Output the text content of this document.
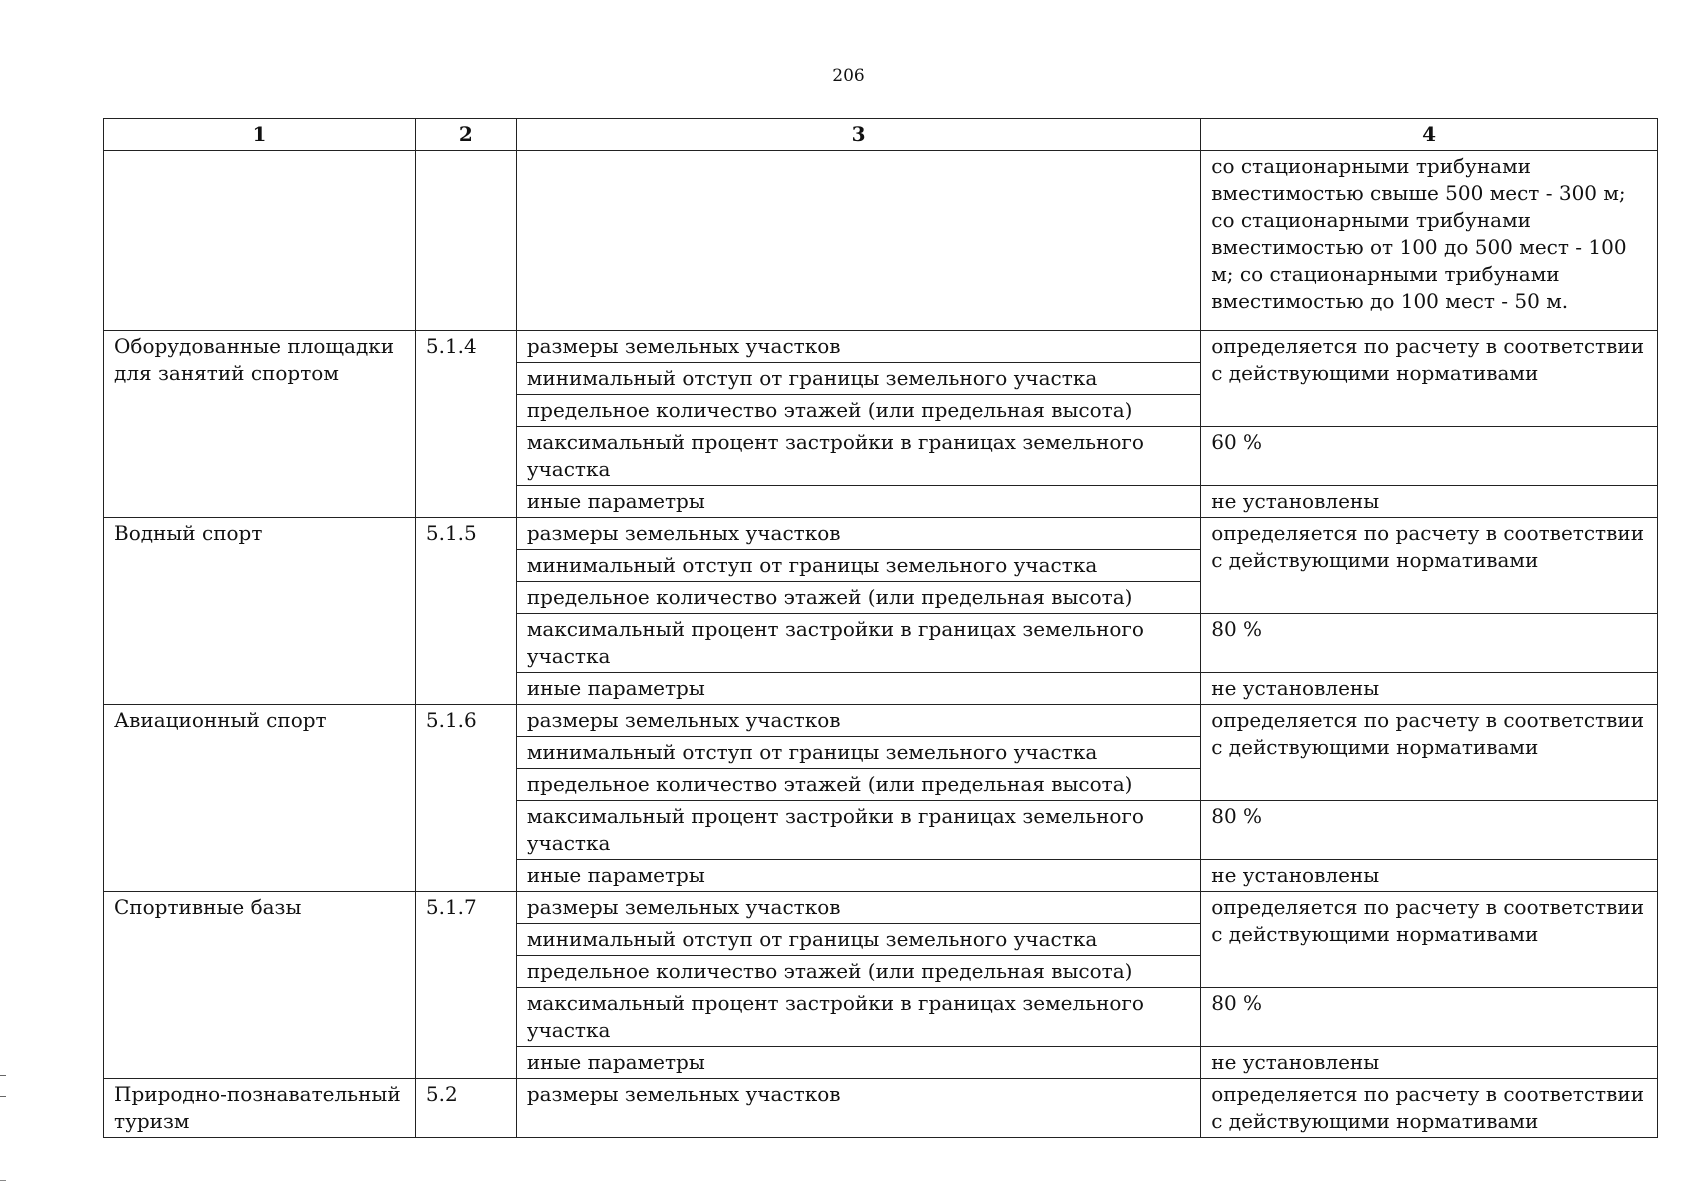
206
1	2	3	4
			со стационарными трибунами вместимостью свыше 500 мест - 300 м; со стационарными трибунами вместимостью от 100 до 500 мест - 100 м; со стационарными трибунами вместимостью до 100 мест - 50 м.
Оборудованные площадки для занятий спортом	5.1.4	размеры земельных участков	определяется по расчету в соответствии с действующими нормативами
		минимальный отступ от границы земельного участка	
		предельное количество этажей (или предельная высота)	
		максимальный процент застройки в границах земельного участка	60 %
		иные параметры	не установлены
Водный спорт	5.1.5	размеры земельных участков	определяется по расчету в соответствии с действующими нормативами
		минимальный отступ от границы земельного участка	
		предельное количество этажей (или предельная высота)	
		максимальный процент застройки в границах земельного участка	80 %
		иные параметры	не установлены
Авиационный спорт	5.1.6	размеры земельных участков	определяется по расчету в соответствии с действующими нормативами
		минимальный отступ от границы земельного участка	
		предельное количество этажей (или предельная высота)	
		максимальный процент застройки в границах земельного участка	80 %
		иные параметры	не установлены
Спортивные базы	5.1.7	размеры земельных участков	определяется по расчету в соответствии с действующими нормативами
		минимальный отступ от границы земельного участка	
		предельное количество этажей (или предельная высота)	
		максимальный процент застройки в границах земельного участка	80 %
		иные параметры	не установлены
Природно-познавательный туризм	5.2	размеры земельных участков	определяется по расчету в соответствии с действующими нормативами
